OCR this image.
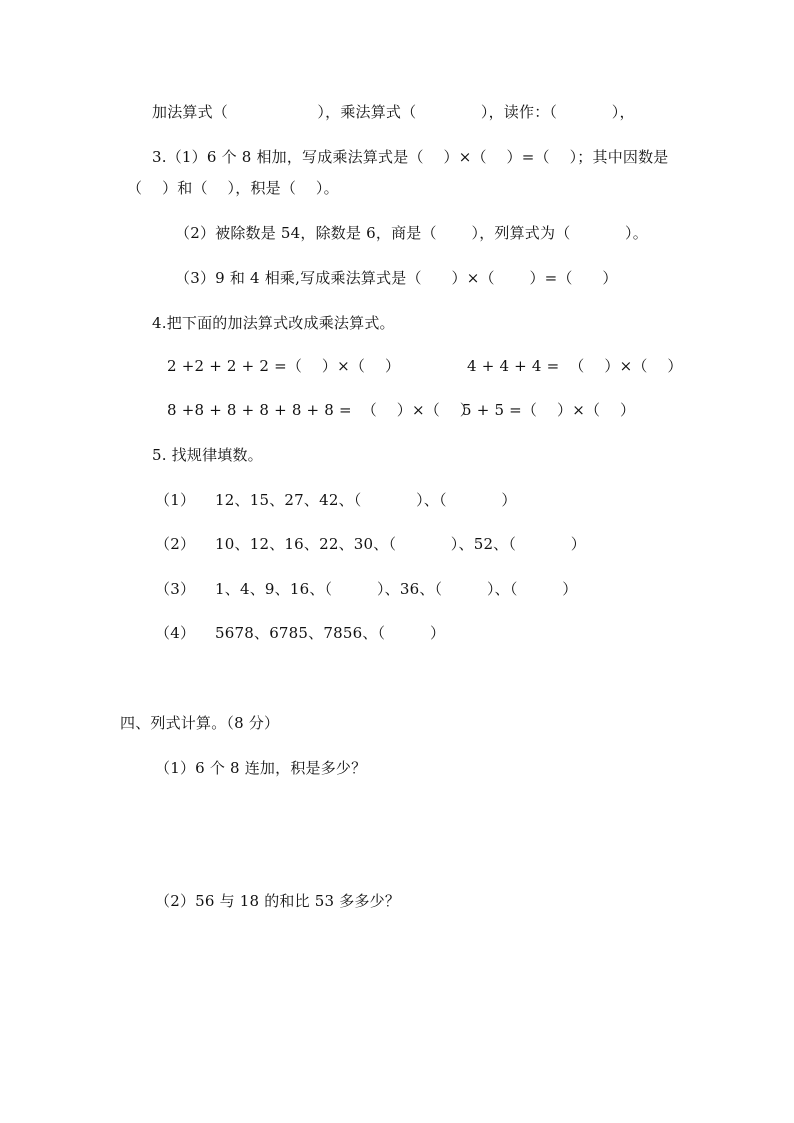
加法算式（                  ），乘法算式（             ），读作：（           ），
3.（1）6 个 8 相加，写成乘法算式是（    ）×（    ）=（    ）；其中因数是
（    ）和（    ），积是（    ）。
（2）被除数是 54，除数是 6，商是（       ），列算式为（           ）。
（3）9 和 4 相乘,写成乘法算式是（      ）×（       ）=（      ）
4.把下面的加法算式改成乘法算式。
2 +2 + 2 + 2 =（    ）×（    ）	4 + 4 + 4 =  （    ）×（    ）
8 +8 + 8 + 8 + 8 + 8 =  （    ）×（    ）
5 + 5 =（    ）×（    ）
5. 找规律填数。
（1）    12、15、27、42、（           ）、（           ）
（2）    10、12、16、22、30、（           ）、52、（           ）
（3）    1、4、9、16、（         ）、36、（         ）、（         ）
（4）    5678、6785、7856、（         ）
四、列式计算。（8 分）
（1）6 个 8 连加，积是多少？
（2）56 与 18 的和比 53 多多少？
